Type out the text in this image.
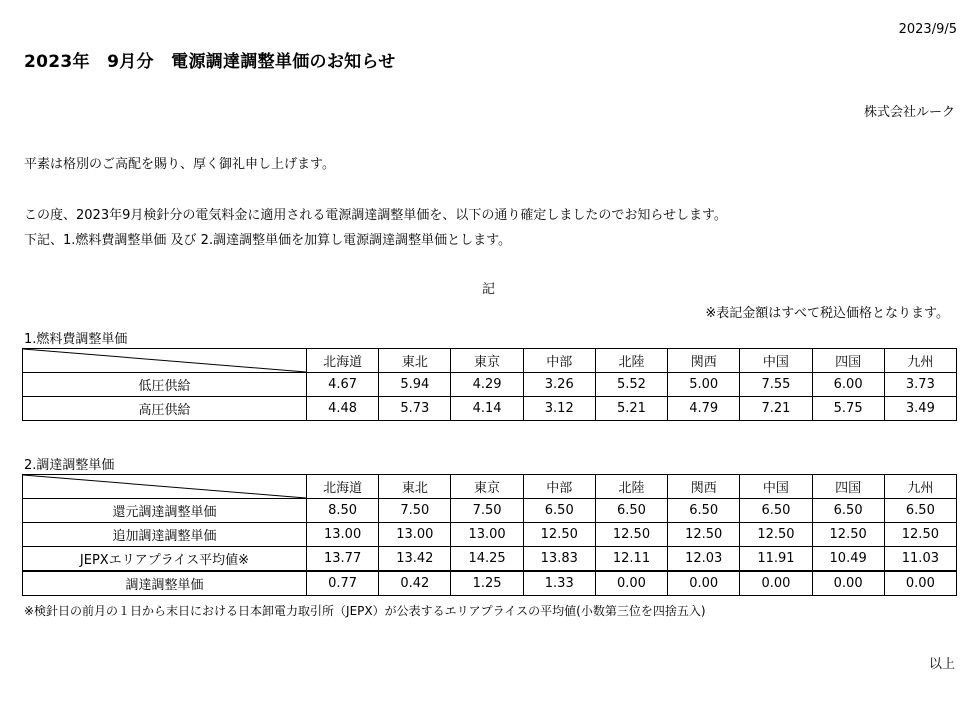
2023/9/5
2023年　9月分　電源調達調整単価のお知らせ
株式会社ルーク
平素は格別のご高配を賜り、厚く御礼申し上げます。
この度、2023年9月検針分の電気料金に適用される電源調達調整単価を、以下の通り確定しましたのでお知らせします。
下記、1.燃料費調整単価 及び 2.調達調整単価を加算し電源調達調整単価とします。
記
※表記金額はすべて税込価格となります。
1.燃料費調整単価
	北海道	東北	東京	中部	北陸	関西	中国	四国	九州
低圧供給	4.67	5.94	4.29	3.26	5.52	5.00	7.55	6.00	3.73
高圧供給	4.48	5.73	4.14	3.12	5.21	4.79	7.21	5.75	3.49
2.調達調整単価
	北海道	東北	東京	中部	北陸	関西	中国	四国	九州
還元調達調整単価	8.50	7.50	7.50	6.50	6.50	6.50	6.50	6.50	6.50
追加調達調整単価	13.00	13.00	13.00	12.50	12.50	12.50	12.50	12.50	12.50
JEPXエリアプライス平均値※	13.77	13.42	14.25	13.83	12.11	12.03	11.91	10.49	11.03
調達調整単価	0.77	0.42	1.25	1.33	0.00	0.00	0.00	0.00	0.00
※検針日の前月の１日から末日における日本卸電力取引所（JEPX）が公表するエリアプライスの平均値(小数第三位を四捨五入)
以上
